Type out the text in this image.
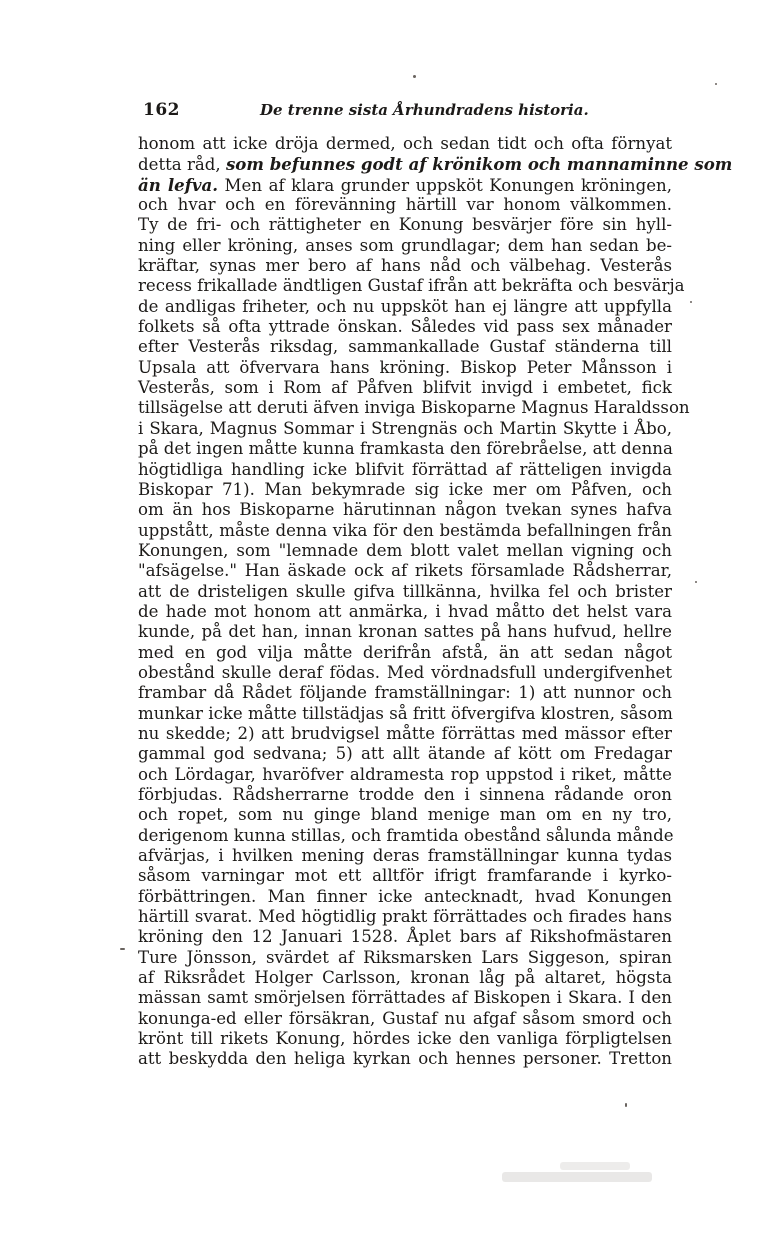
162	De trenne sista Århundradens historia.
honom att icke dröja dermed, och sedan tidt och ofta förnyat
detta råd, som befunnes godt af krönikom och mannaminne som
än lefva. Men af klara grunder uppsköt Konungen kröningen,
och hvar och en förevänning härtill var honom välkommen.
Ty de fri- och rättigheter en Konung besvärjer före sin hyll-
ning eller kröning, anses som grundlagar; dem han sedan be-
kräftar, synas mer bero af hans nåd och välbehag. Vesterås
recess frikallade ändtligen Gustaf ifrån att bekräfta och besvärja
de andligas friheter, och nu uppsköt han ej längre att uppfylla
folkets så ofta yttrade önskan. Således vid pass sex månader
efter Vesterås riksdag, sammankallade Gustaf ständerna till
Upsala att öfvervara hans kröning. Biskop Peter Månsson i
Vesterås, som i Rom af Påfven blifvit invigd i embetet, fick
tillsägelse att deruti äfven inviga Biskoparne Magnus Haraldsson
i Skara, Magnus Sommar i Strengnäs och Martin Skytte i Åbo,
på det ingen måtte kunna framkasta den förebråelse, att denna
högtidliga handling icke blifvit förrättad af rätteligen invigda
Biskopar 71). Man bekymrade sig icke mer om Påfven, och
om än hos Biskoparne härutinnan någon tvekan synes hafva
uppstått, måste denna vika för den bestämda befallningen från
Konungen, som "lemnade dem blott valet mellan vigning och
"afsägelse." Han äskade ock af rikets församlade Rådsherrar,
att de dristeligen skulle gifva tillkänna, hvilka fel och brister
de hade mot honom att anmärka, i hvad måtto det helst vara
kunde, på det han, innan kronan sattes på hans hufvud, hellre
med en god vilja måtte derifrån afstå, än att sedan något
obestånd skulle deraf födas. Med vördnadsfull undergifvenhet
frambar då Rådet följande framställningar: 1) att nunnor och
munkar icke måtte tillstädjas så fritt öfvergifva klostren, såsom
nu skedde; 2) att brudvigsel måtte förrättas med mässor efter
gammal god sedvana; 5) att allt ätande af kött om Fredagar
och Lördagar, hvaröfver aldramesta rop uppstod i riket, måtte
förbjudas. Rådsherrarne trodde den i sinnena rådande oron
och ropet, som nu ginge bland menige man om en ny tro,
derigenom kunna stillas, och framtida obestånd sålunda månde
afvärjas, i hvilken mening deras framställningar kunna tydas
såsom varningar mot ett alltför ifrigt framfarande i kyrko-
förbättringen. Man finner icke antecknadt, hvad Konungen
härtill svarat. Med högtidlig prakt förrättades och firades hans
kröning den 12 Januari 1528. Åplet bars af Rikshofmästaren
Ture Jönsson, svärdet af Riksmarsken Lars Siggeson, spiran
af Riksrådet Holger Carlsson, kronan låg på altaret, högsta
mässan samt smörjelsen förrättades af Biskopen i Skara. I den
konunga-ed eller försäkran, Gustaf nu afgaf såsom smord och
krönt till rikets Konung, hördes icke den vanliga förpligtelsen
att beskydda den heliga kyrkan och hennes personer. Tretton
